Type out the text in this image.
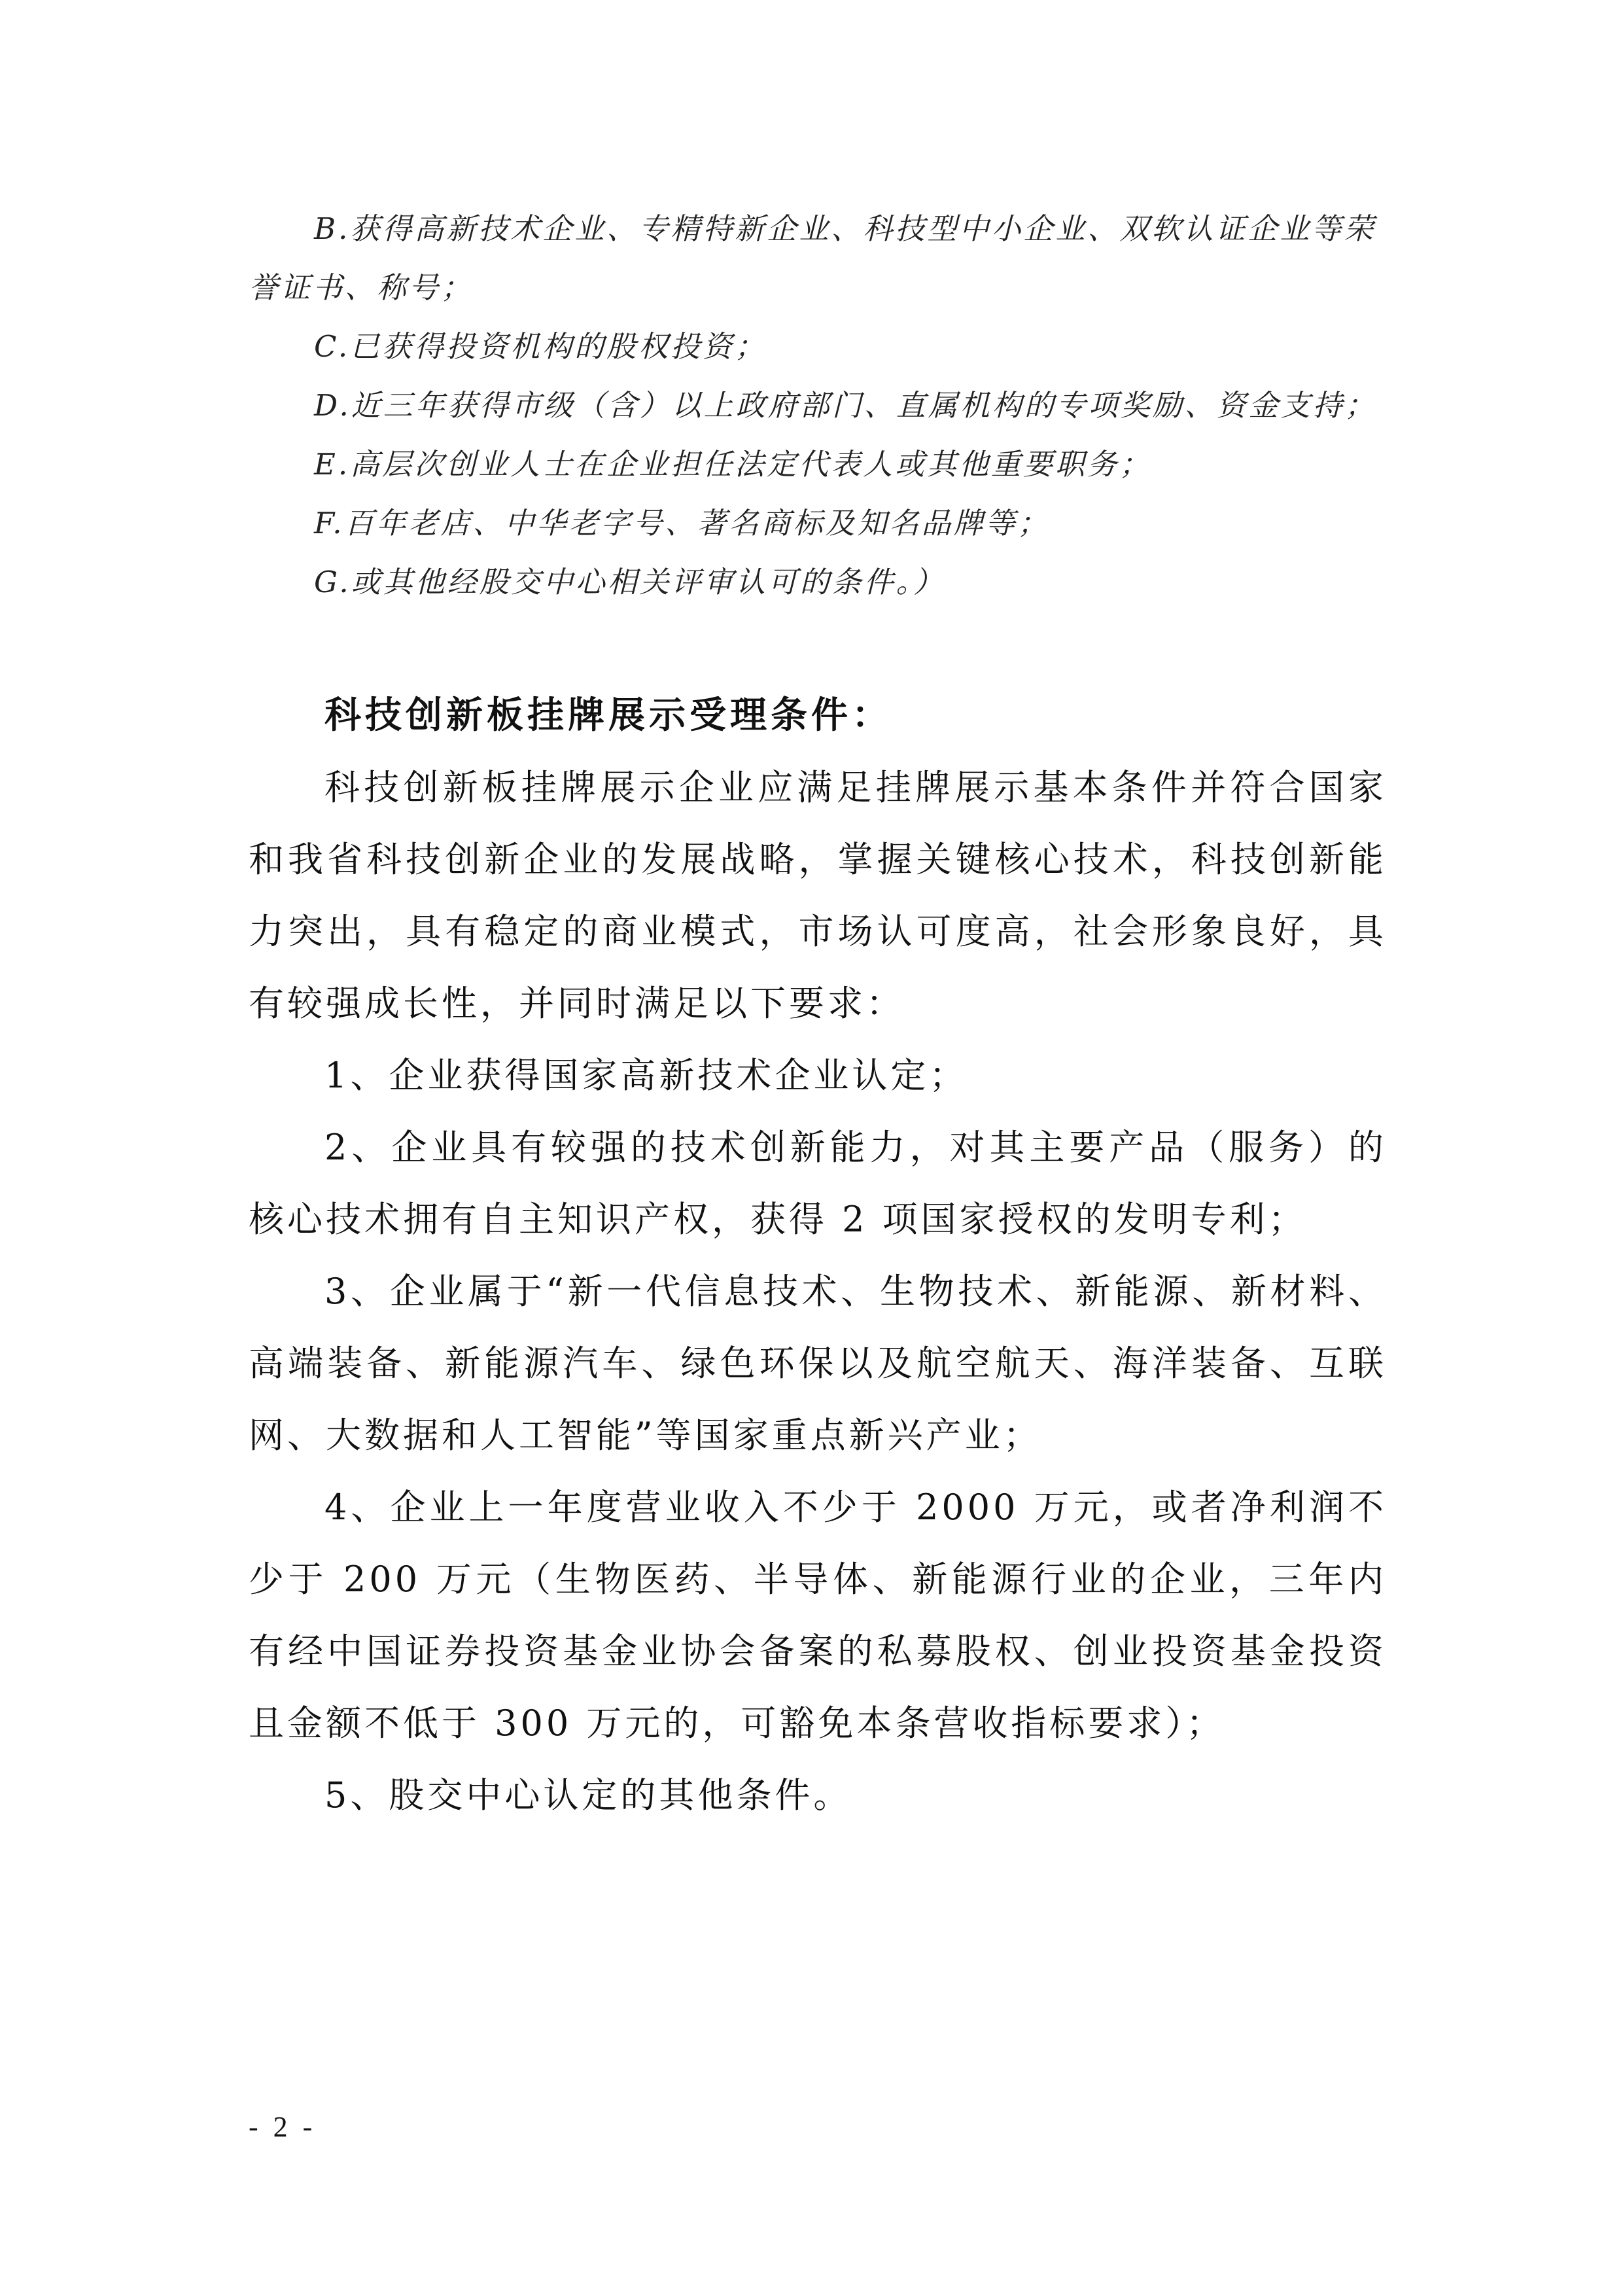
B.获得高新技术企业、专精特新企业、科技型中小企业、双软认证企业等荣誉证书、称号；

C.已获得投资机构的股权投资；

D.近三年获得市级（含）以上政府部门、直属机构的专项奖励、资金支持；

E.高层次创业人士在企业担任法定代表人或其他重要职务；

F.百年老店、中华老字号、著名商标及知名品牌等；

G.或其他经股交中心相关评审认可的条件。）

科技创新板挂牌展示受理条件：

科技创新板挂牌展示企业应满足挂牌展示基本条件并符合国家和我省科技创新企业的发展战略，掌握关键核心技术，科技创新能力突出，具有稳定的商业模式，市场认可度高，社会形象良好，具有较强成长性，并同时满足以下要求：

1、企业获得国家高新技术企业认定；

2、企业具有较强的技术创新能力，对其主要产品（服务）的核心技术拥有自主知识产权，获得 2 项国家授权的发明专利；

3、企业属于“新一代信息技术、生物技术、新能源、新材料、高端装备、新能源汽车、绿色环保以及航空航天、海洋装备、互联网、大数据和人工智能”等国家重点新兴产业；

4、企业上一年度营业收入不少于 2000 万元，或者净利润不少于 200 万元（生物医药、半导体、新能源行业的企业，三年内有经中国证券投资基金业协会备案的私募股权、创业投资基金投资且金额不低于 300 万元的，可豁免本条营收指标要求）；

5、股交中心认定的其他条件。

- 2 -
